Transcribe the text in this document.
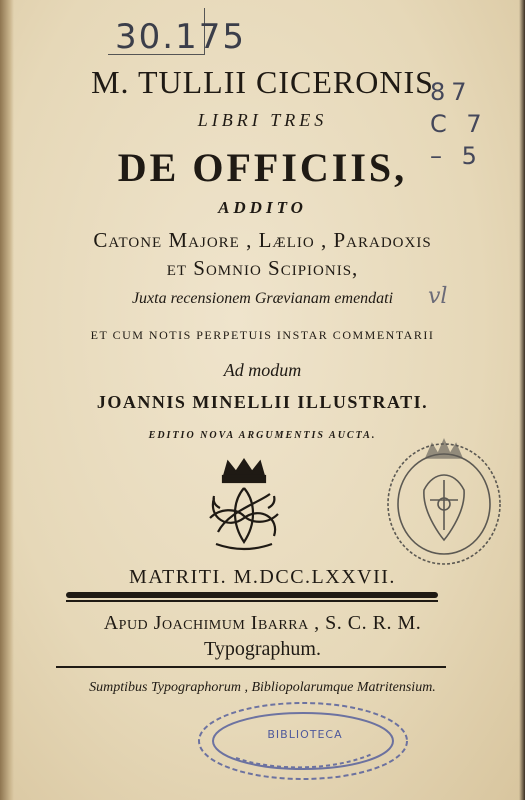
30.175
87
C 7
– 5
vl
M. TULLII CICERONIS
LIBRI TRES
DE OFFICIIS,
ADDITO
Catone Majore , Lælio , Paradoxis
et Somnio Scipionis,
Juxta recensionem Grævianam emendati
ET CUM NOTIS PERPETUIS INSTAR COMMENTARII
Ad modum
JOANNIS MINELLII ILLUSTRATI.
EDITIO NOVA ARGUMENTIS AUCTA.
MATRITI. M.DCC.LXXVII.
Apud Joachimum Ibarra , S. C. R. M.
Typographum.
Sumptibus Typographorum , Bibliopolarumque Matritensium.
BIBLIOTECA
